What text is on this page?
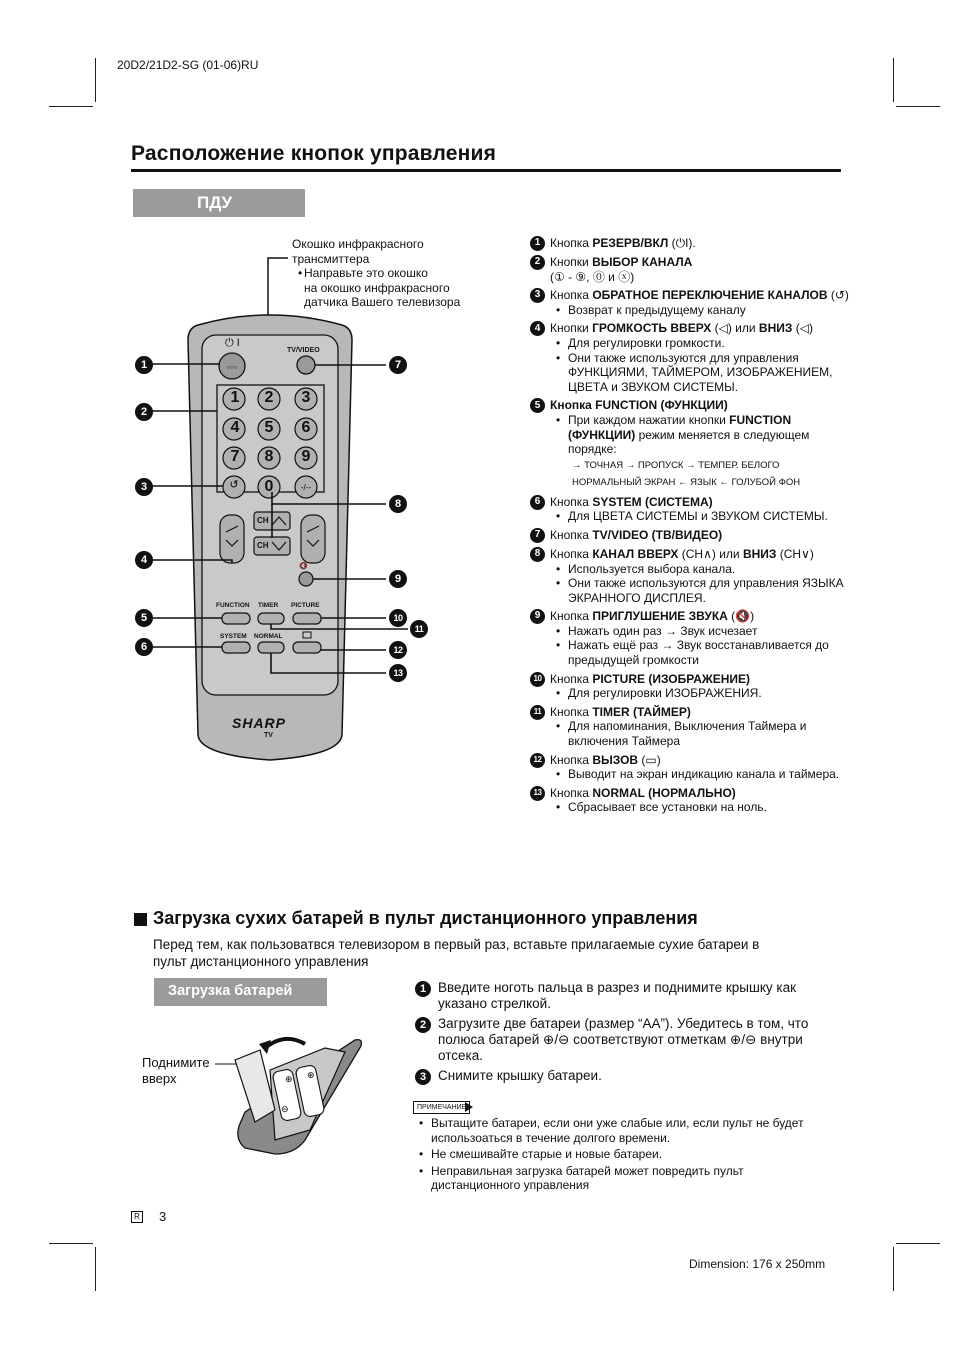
20D2/21D2-SG (01-06)RU
Расположение кнопок управления
ПДУ
Окошко инфракрасного
трансмиттера
• Направьте это окошко
на окошко инфракрасного
датчика Вашего телевизора
○○○
↺	-/--
🔇
⏻ I
TV/VIDEO
1 2 3
4 5 6
7 8 9
0
CH
CH
FUNCTION TIMER PICTURE
SYSTEM NORMAL
SHARP
TV
1
2
3
4
5
6
7
8
9
10
11
12
13
1 Кнопка РЕЗЕРВ/ВКЛ (⏻I).
2 Кнопки ВЫБОР КАНАЛА
(① - ⑨, ⓪ и ⓧ)
3 Кнопка ОБРАТНОЕ ПЕРЕКЛЮЧЕНИЕ КАНАЛОВ (↺)
• Возврат к предыдущему каналу
4 Кнопки ГРОМКОСТЬ ВВЕРХ (◁) или ВНИЗ (◁)
• Для регулировки громкости.
• Они также используются для управления ФУНКЦИЯМИ, ТАЙМЕРОМ, ИЗОБРАЖЕНИЕМ, ЦВЕТА и ЗВУКОМ СИСТЕМЫ.
5 Кнопка FUNCTION (ФУНКЦИИ)
• При каждом нажатии кнопки FUNCTION (ФУНКЦИИ) режим меняется в следующем порядке:
→ ТОЧНАЯ → ПРОПУСК → ТЕМПЕР. БЕЛОГО
НОРМАЛЬНЫЙ ЭКРАН ← ЯЗЫК ← ГОЛУБОЙ ФОН
6 Кнопка SYSTEM (СИСТЕМА)
• Для ЦВЕТА СИСТЕМЫ и ЗВУКОМ СИСТЕМЫ.
7 Кнопка TV/VIDEO (ТВ/ВИДЕО)
8 Кнопка КАНАЛ ВВЕРХ (CH∧) или ВНИЗ (CH∨)
• Используется выбора канала.
• Они также используются для управления ЯЗЫКА ЭКРАННОГО ДИСПЛЕЯ.
9 Кнопка ПРИГЛУШЕНИЕ ЗВУКА (🔇)
• Нажать один раз → Звук исчезает
• Нажать ещё раз → Звук восстанавливается до предыдущей громкости
10 Кнопка PICTURE (ИЗОБРАЖЕНИЕ)
• Для регулировки ИЗОБРАЖЕНИЯ.
11 Кнопка TIMER (ТАЙМЕР)
• Для напоминания, Выключения Таймера и включения Таймера
12 Кнопка ВЫЗОВ (▭)
• Выводит на экран индикацию канала и таймера.
13 Кнопка NORMAL (НОРМАЛЬНО)
• Сбрасывает все установки на ноль.
Загрузка сухих батарей в пульт дистанционного управления
Перед тем, как пользоватвся телевизором в первый раз, вставьте прилагаемые сухие батареи в пульт дистанционного управления
Загрузка батарей
Поднимите
вверх	⊕ ⊕
⊖
1 Введите ноготь пальца в разрез и поднимите крышку как указано стрелкой.
2 Загрузите две батареи (размер “AA”). Убедитесь в том, что полюса батарей ⊕/⊖ соответствуют отметкам ⊕/⊖ внутри отсека.
3 Снимите крышку батареи.
ПРИМЕЧАНИЕ
• Вытащите батареи, если они уже слабые или, если пульт не будет использоаться в течение долгого времени.
• Не смешивайте старые и новые батареи.
• Неправильная загрузка батарей может повредить пульт дистанционного управления
R 3
Dimension: 176 x 250mm
